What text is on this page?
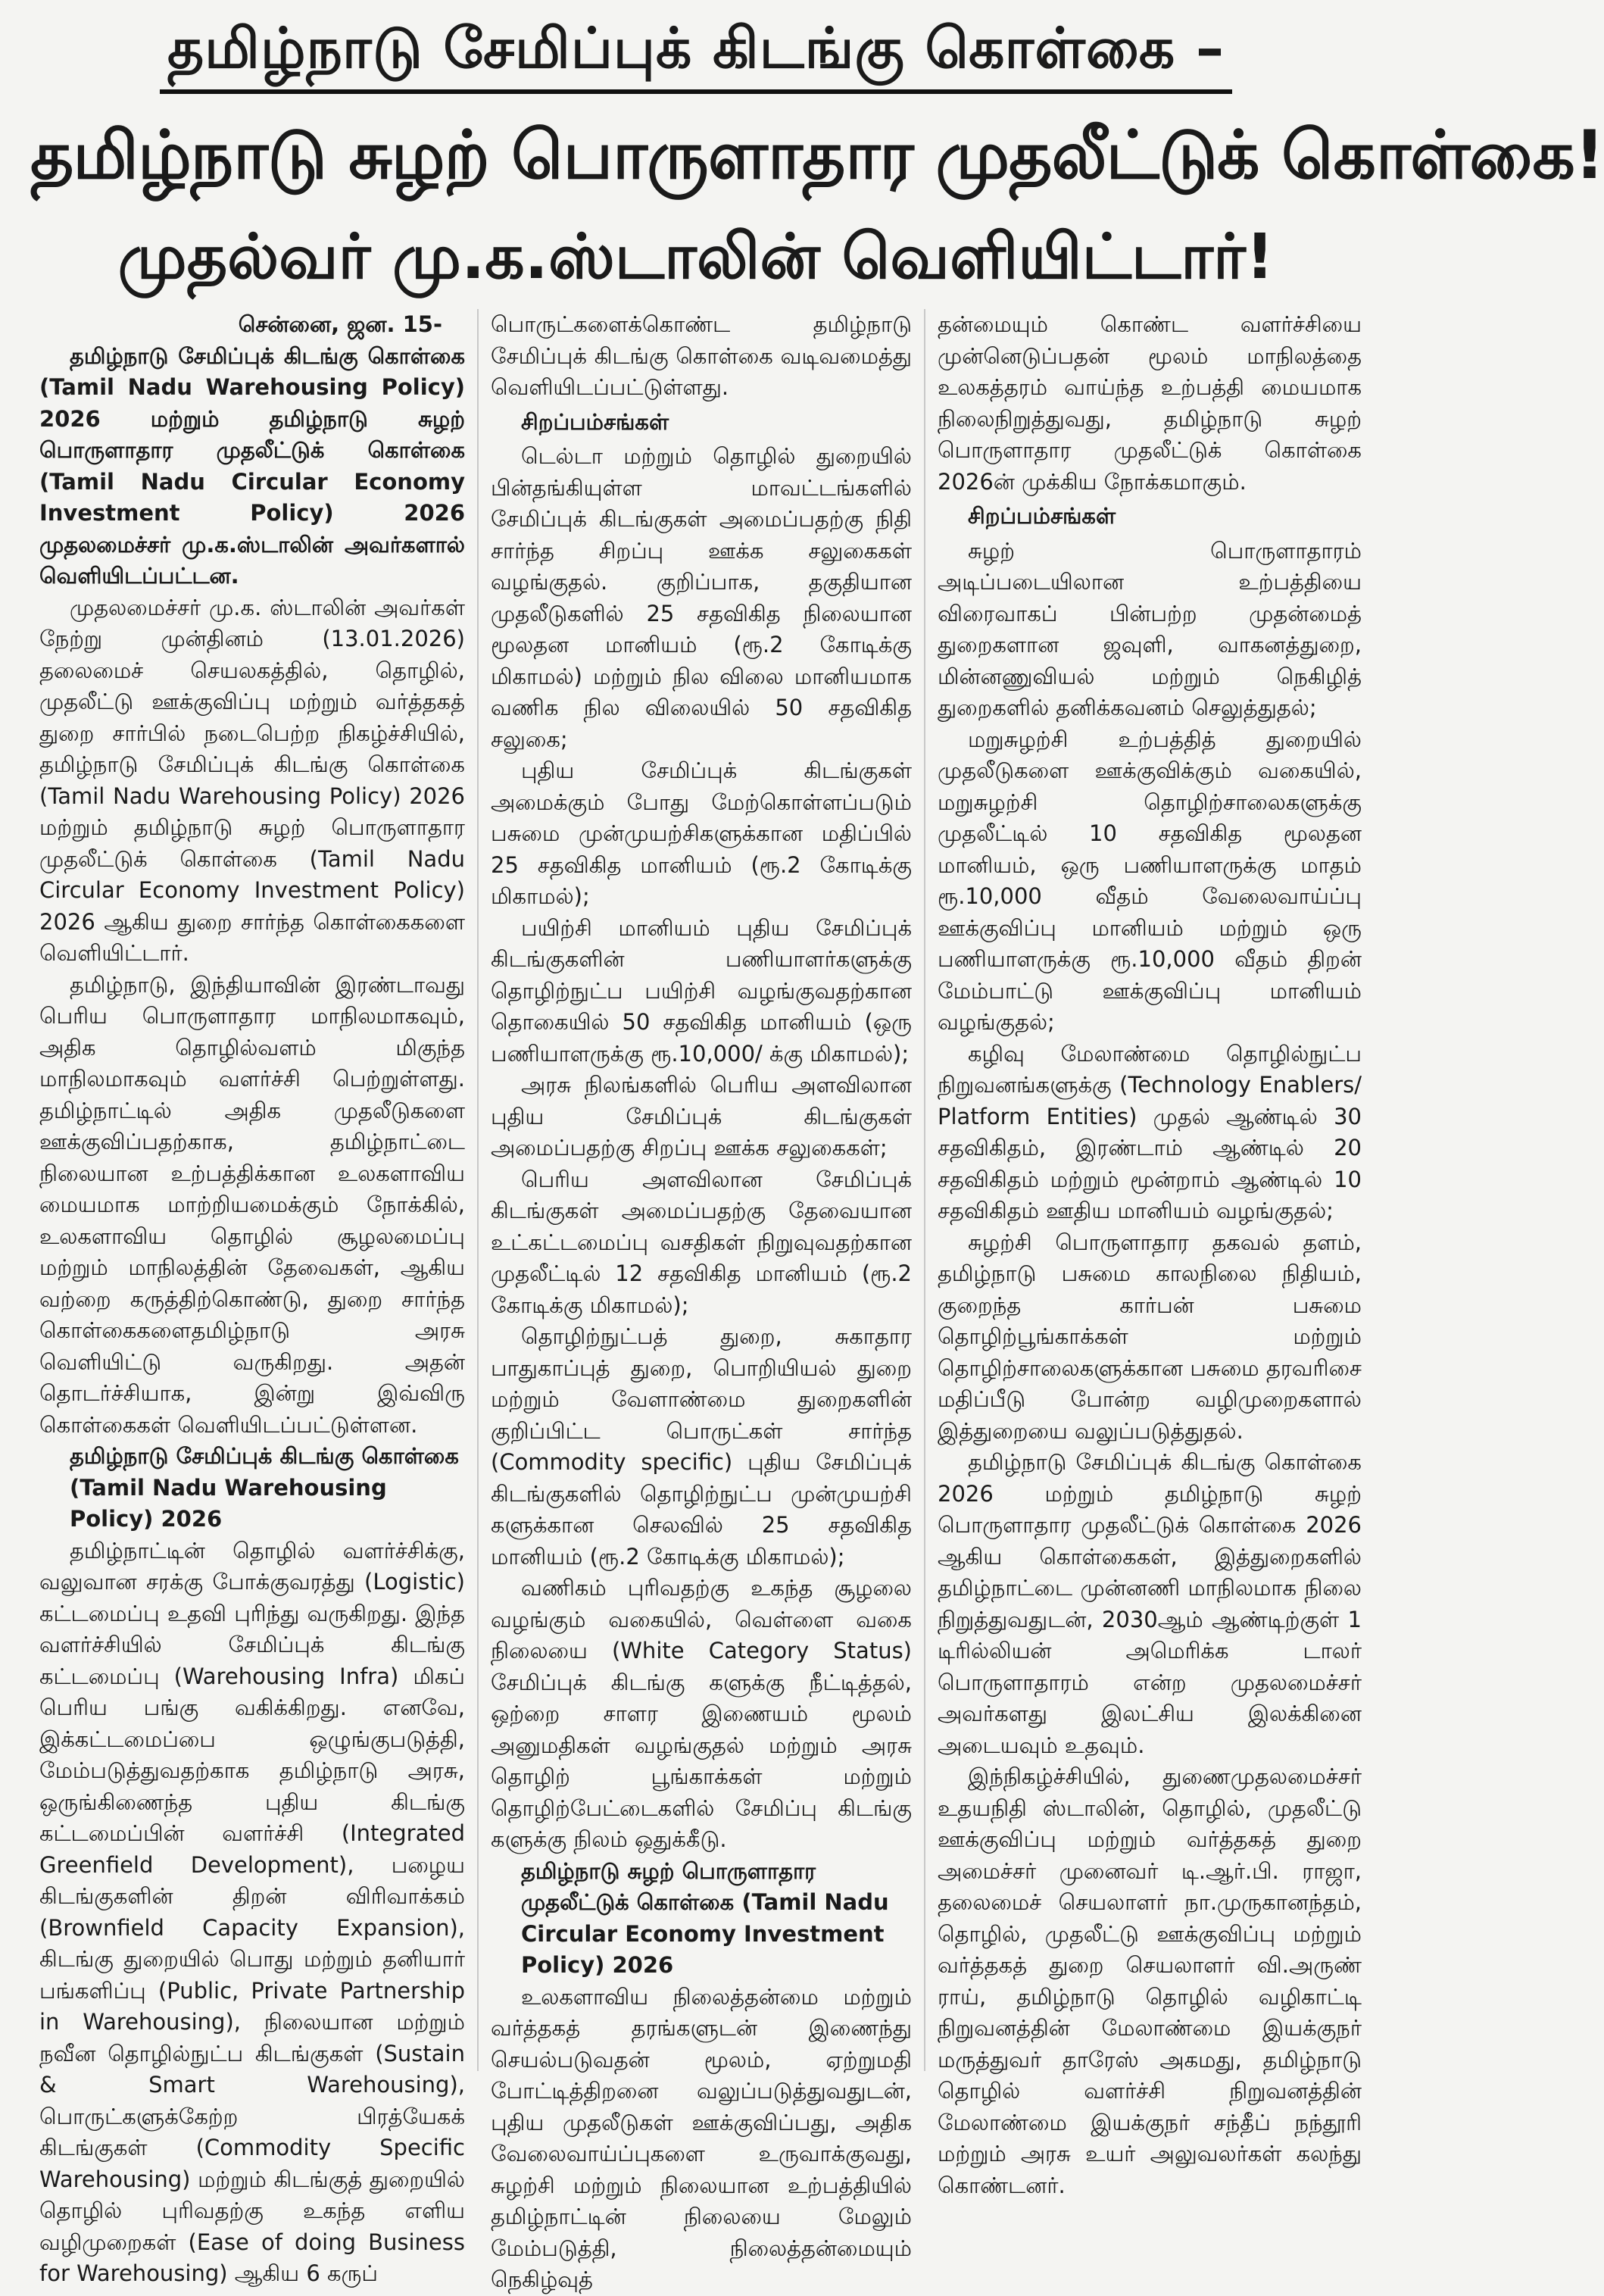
தமிழ்நாடு சேமிப்புக் கிடங்கு கொள்கை –
தமிழ்நாடு சுழற் பொருளாதார முதலீட்டுக் கொள்கை!
முதல்வர் மு.க.ஸ்டாலின் வெளியிட்டார்!
சென்னை, ஜன. 15-

தமிழ்நாடு சேமிப்புக் கிடங்கு கொள்கை (Tamil Nadu Warehousing Policy) 2026 மற்றும் தமிழ்நாடு சுழற் பொருளாதார முதலீட்டுக் கொள்கை (Tamil Nadu Circular Economy Investment Policy) 2026 முதலமைச்சர் மு.க.ஸ்டாலின் அவர்களால் வெளியிடப்பட்டன.

முதலமைச்சர் மு.க. ஸ்டாலின் அவர்கள் நேற்று முன்தினம் (13.01.2026) தலைமைச் செயலகத்தில், தொழில், முதலீட்டு ஊக்குவிப்பு மற்றும் வர்த்தகத் துறை சார்பில் நடைபெற்ற நிகழ்ச்சியில், தமிழ்நாடு சேமிப்புக் கிடங்கு கொள்கை (Tamil Nadu Warehousing Policy) 2026 மற்றும் தமிழ்நாடு சுழற் பொருளாதார முதலீட்டுக் கொள்கை (Tamil Nadu Circular Economy Investment Policy) 2026 ஆகிய துறை சார்ந்த கொள்கைகளை வெளியிட்டார்.

தமிழ்நாடு, இந்தியாவின் இரண்டாவது பெரிய பொருளாதார மாநிலமாகவும், அதிக தொழில்வளம் மிகுந்த மாநிலமாகவும் வளர்ச்சி பெற்றுள்ளது. தமிழ்நாட்டில் அதிக முதலீடுகளை ஊக்குவிப்பதற்காக, தமிழ்நாட்டை நிலையான உற்பத்திக்கான உலகளாவிய மையமாக மாற்றியமைக்கும் நோக்கில், உலகளாவிய தொழில் சூழலமைப்பு மற்றும் மாநிலத்தின் தேவைகள், ஆகிய வற்றை கருத்திற்கொண்டு, துறை சார்ந்த கொள்கைகளைதமிழ்நாடு அரசு வெளியிட்டு வருகிறது. அதன் தொடர்ச்சியாக, இன்று இவ்விரு கொள்கைகள் வெளியிடப்பட்டுள்ளன.

தமிழ்நாடு சேமிப்புக் கிடங்கு கொள்கை (Tamil Nadu Warehousing Policy) 2026

தமிழ்நாட்டின் தொழில் வளர்ச்சிக்கு, வலுவான சரக்கு போக்குவரத்து (Logistic) கட்டமைப்பு உதவி புரிந்து வருகிறது. இந்த வளர்ச்சியில் சேமிப்புக் கிடங்கு கட்டமைப்பு (Warehousing Infra) மிகப் பெரிய பங்கு வகிக்கிறது. எனவே, இக்கட்டமைப்பை ஒழுங்குபடுத்தி, மேம்படுத்துவதற்காக தமிழ்நாடு அரசு, ஒருங்கிணைந்த புதிய கிடங்கு கட்டமைப்பின் வளர்ச்சி (Integrated Greenfield Development), பழைய கிடங்குகளின் திறன் விரிவாக்கம் (Brownfield Capacity Expansion), கிடங்கு துறையில் பொது மற்றும் தனியார் பங்களிப்பு (Public, Private Partnership in Warehousing), நிலையான மற்றும் நவீன தொழில்நுட்ப கிடங்குகள் (Sustain & Smart Warehousing), பொருட்களுக்கேற்ற பிரத்யேகக் கிடங்குகள் (Commodity Specific Warehousing) மற்றும் கிடங்குத் துறையில் தொழில் புரிவதற்கு உகந்த எளிய வழிமுறைகள் (Ease of doing Business for Warehousing) ஆகிய 6 கருப்

பொருட்களைக்கொண்ட தமிழ்நாடு சேமிப்புக் கிடங்கு கொள்கை வடிவமைத்து வெளியிடப்பட்டுள்ளது.

சிறப்பம்சங்கள்

டெல்டா மற்றும் தொழில் துறையில் பின்தங்கியுள்ள மாவட்டங்களில் சேமிப்புக் கிடங்குகள் அமைப்பதற்கு நிதி சார்ந்த சிறப்பு ஊக்க சலுகைகள் வழங்குதல். குறிப்பாக, தகுதியான முதலீடுகளில் 25 சதவிகித நிலையான மூலதன மானியம் (ரூ.2 கோடிக்கு மிகாமல்) மற்றும் நில விலை மானியமாக வணிக நில விலையில் 50 சதவிகித சலுகை;

புதிய சேமிப்புக் கிடங்குகள் அமைக்கும் போது மேற்கொள்ளப்படும் பசுமை முன்முயற்சிகளுக்கான மதிப்பில் 25 சதவிகித மானியம் (ரூ.2 கோடிக்கு மிகாமல்);

பயிற்சி மானியம் புதிய சேமிப்புக் கிடங்குகளின் பணியாளர்களுக்கு தொழிற்நுட்ப பயிற்சி வழங்குவதற்கான தொகையில் 50 சதவிகித மானியம் (ஒரு பணியாளருக்கு ரூ.10,000/ க்கு மிகாமல்);

அரசு நிலங்களில் பெரிய அளவிலான புதிய சேமிப்புக் கிடங்குகள் அமைப்பதற்கு சிறப்பு ஊக்க சலுகைகள்;

பெரிய அளவிலான சேமிப்புக் கிடங்குகள் அமைப்பதற்கு தேவையான உட்கட்டமைப்பு வசதிகள் நிறுவுவதற்கான முதலீட்டில் 12 சதவிகித மானியம் (ரூ.2 கோடிக்கு மிகாமல்);

தொழிற்நுட்பத் துறை, சுகாதார பாதுகாப்புத் துறை, பொறியியல் துறை மற்றும் வேளாண்மை துறைகளின் குறிப்பிட்ட பொருட்கள் சார்ந்த (Commodity specific) புதிய சேமிப்புக் கிடங்குகளில் தொழிற்நுட்ப முன்முயற்சி களுக்கான செலவில் 25 சதவிகித மானியம் (ரூ.2 கோடிக்கு மிகாமல்);

வணிகம் புரிவதற்கு உகந்த சூழலை வழங்கும் வகையில், வெள்ளை வகை நிலையை (White Category Status) சேமிப்புக் கிடங்கு களுக்கு நீட்டித்தல், ஒற்றை சாளர இணையம் மூலம் அனுமதிகள் வழங்குதல் மற்றும் அரசு தொழிற் பூங்காக்கள் மற்றும் தொழிற்பேட்டைகளில் சேமிப்பு கிடங்கு களுக்கு நிலம் ஒதுக்கீடு.

தமிழ்நாடு சுழற் பொருளாதார முதலீட்டுக் கொள்கை (Tamil Nadu Circular Economy Investment Policy) 2026

உலகளாவிய நிலைத்தன்மை மற்றும் வர்த்தகத் தரங்களுடன் இணைந்து செயல்படுவதன் மூலம், ஏற்றுமதி போட்டித்திறனை வலுப்படுத்துவதுடன், புதிய முதலீடுகள் ஊக்குவிப்பது, அதிக வேலைவாய்ப்புகளை உருவாக்குவது, சுழற்சி மற்றும் நிலையான உற்பத்தியில் தமிழ்நாட்டின் நிலையை மேலும் மேம்படுத்தி, நிலைத்தன்மையும் நெகிழ்வுத்

தன்மையும் கொண்ட வளர்ச்சியை முன்னெடுப்பதன் மூலம் மாநிலத்தை உலகத்தரம் வாய்ந்த உற்பத்தி மையமாக நிலைநிறுத்துவது, தமிழ்நாடு சுழற் பொருளாதார முதலீட்டுக் கொள்கை 2026ன் முக்கிய நோக்கமாகும்.

சிறப்பம்சங்கள்

சுழற் பொருளாதாரம் அடிப்படையிலான உற்பத்தியை விரைவாகப் பின்பற்ற முதன்மைத் துறைகளான ஜவுளி, வாகனத்துறை, மின்னணுவியல் மற்றும் நெகிழித் துறைகளில் தனிக்கவனம் செலுத்துதல்;

மறுசுழற்சி உற்பத்தித் துறையில் முதலீடுகளை ஊக்குவிக்கும் வகையில், மறுசுழற்சி தொழிற்சாலைகளுக்கு முதலீட்டில் 10 சதவிகித மூலதன மானியம், ஒரு பணியாளருக்கு மாதம் ரூ.10,000 வீதம் வேலைவாய்ப்பு ஊக்குவிப்பு மானியம் மற்றும் ஒரு பணியாளருக்கு ரூ.10,000 வீதம் திறன் மேம்பாட்டு ஊக்குவிப்பு மானியம் வழங்குதல்;

கழிவு மேலாண்மை தொழில்நுட்ப நிறுவனங்களுக்கு (Technology Enablers/ Platform Entities) முதல் ஆண்டில் 30 சதவிகிதம், இரண்டாம் ஆண்டில் 20 சதவிகிதம் மற்றும் மூன்றாம் ஆண்டில் 10 சதவிகிதம் ஊதிய மானியம் வழங்குதல்;

சுழற்சி பொருளாதார தகவல் தளம், தமிழ்நாடு பசுமை காலநிலை நிதியம், குறைந்த கார்பன் பசுமை தொழிற்பூங்காக்கள் மற்றும் தொழிற்சாலைகளுக்கான பசுமை தரவரிசை மதிப்பீடு போன்ற வழிமுறைகளால் இத்துறையை வலுப்படுத்துதல்.

தமிழ்நாடு சேமிப்புக் கிடங்கு கொள்கை 2026 மற்றும் தமிழ்நாடு சுழற் பொருளாதார முதலீட்டுக் கொள்கை 2026 ஆகிய கொள்கைகள், இத்துறைகளில் தமிழ்நாட்டை முன்னணி மாநிலமாக நிலை நிறுத்துவதுடன், 2030ஆம் ஆண்டிற்குள் 1 டிரில்லியன் அமெரிக்க டாலர் பொருளாதாரம் என்ற முதலமைச்சர் அவர்களது இலட்சிய இலக்கினை அடையவும் உதவும்.

இந்நிகழ்ச்சியில், துணைமுதலமைச்சர் உதயநிதி ஸ்டாலின், தொழில், முதலீட்டு ஊக்குவிப்பு மற்றும் வர்த்தகத் துறை அமைச்சர் முனைவர் டி.ஆர்.பி. ராஜா, தலைமைச் செயலாளர் நா.முருகானந்தம், தொழில், முதலீட்டு ஊக்குவிப்பு மற்றும் வர்த்தகத் துறை செயலாளர் வி.அருண் ராய், தமிழ்நாடு தொழில் வழிகாட்டி நிறுவனத்தின் மேலாண்மை இயக்குநர் மருத்துவர் தாரேஸ் அகமது, தமிழ்நாடு தொழில் வளர்ச்சி நிறுவனத்தின் மேலாண்மை இயக்குநர் சந்தீப் நந்தூரி மற்றும் அரசு உயர் அலுவலர்கள் கலந்து கொண்டனர்.
